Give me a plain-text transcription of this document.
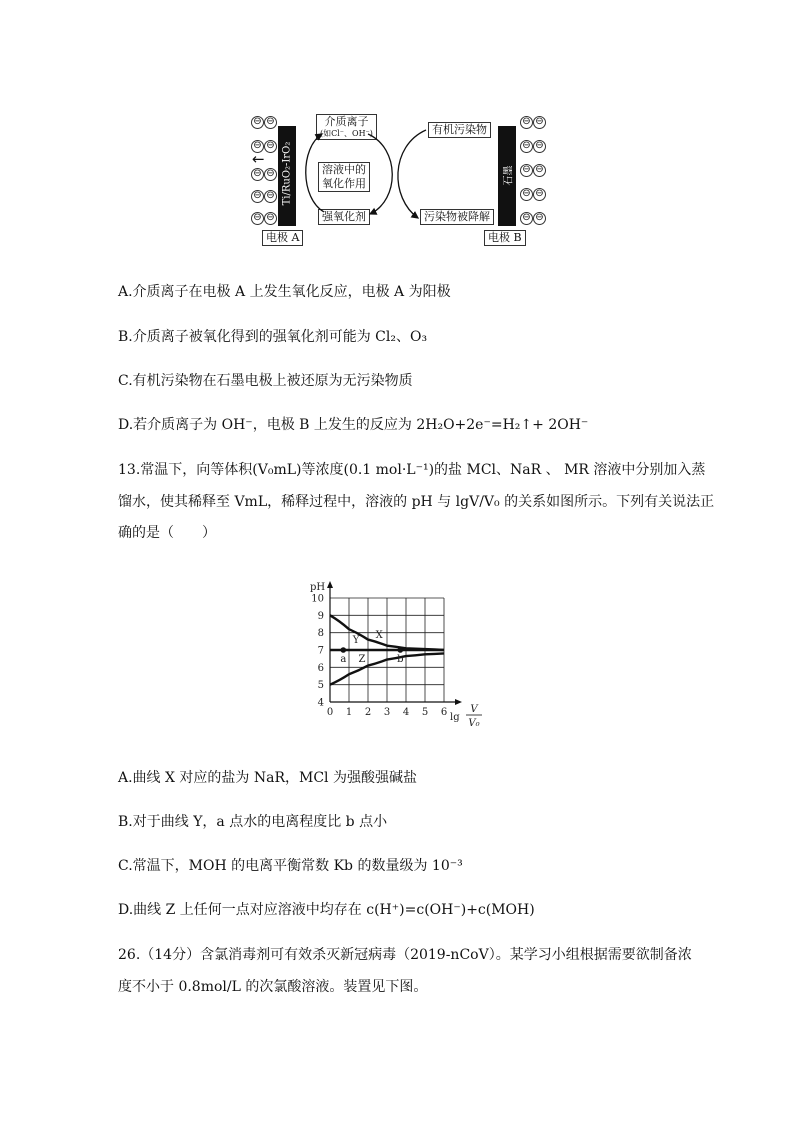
⊖ ⊖
⊖ ⊖
⊖ ⊖
⊖ ⊖
⊖ ⊖
← Ti/RuO₂-IrO₂
介质离子
(如Cl⁻、OH⁻)
溶液中的
氧化作用
强氧化剂
有机污染物
污染物被降解
石墨
⊖ ⊖
⊖ ⊖
⊖ ⊖
⊖ ⊖
⊖ ⊖
电极 A	电极 B
A.介质离子在电极 A 上发生氧化反应，电极 A 为阳极
B.介质离子被氧化得到的强氧化剂可能为 Cl₂、O₃
C.有机污染物在石墨电极上被还原为无污染物质
D.若介质离子为 OH⁻，电极 B 上发生的反应为 2H₂O+2e⁻=H₂↑+ 2OH⁻
13.常温下，向等体积(V₀mL)等浓度(0.1 mol·L⁻¹)的盐 MCl、NaR 、 MR 溶液中分别加入蒸
馏水，使其稀释至 VmL，稀释过程中，溶液的 pH 与 lgV/V₀ 的关系如图所示。下列有关说法正
确的是（　　）
4
5
6
7
8
9
10
0 1 2 3 4 5 6
pH
lg
V
V₀
X
Y
Z
a	b
A.曲线 X 对应的盐为 NaR，MCl 为强酸强碱盐
B.对于曲线 Y，a 点水的电离程度比 b 点小
C.常温下，MOH 的电离平衡常数 Kb 的数量级为 10⁻³
D.曲线 Z 上任何一点对应溶液中均存在 c(H⁺)=c(OH⁻)+c(MOH)
26.（14分）含氯消毒剂可有效杀灭新冠病毒（2019-nCoV）。某学习小组根据需要欲制备浓
度不小于 0.8mol/L 的次氯酸溶液。装置见下图。
